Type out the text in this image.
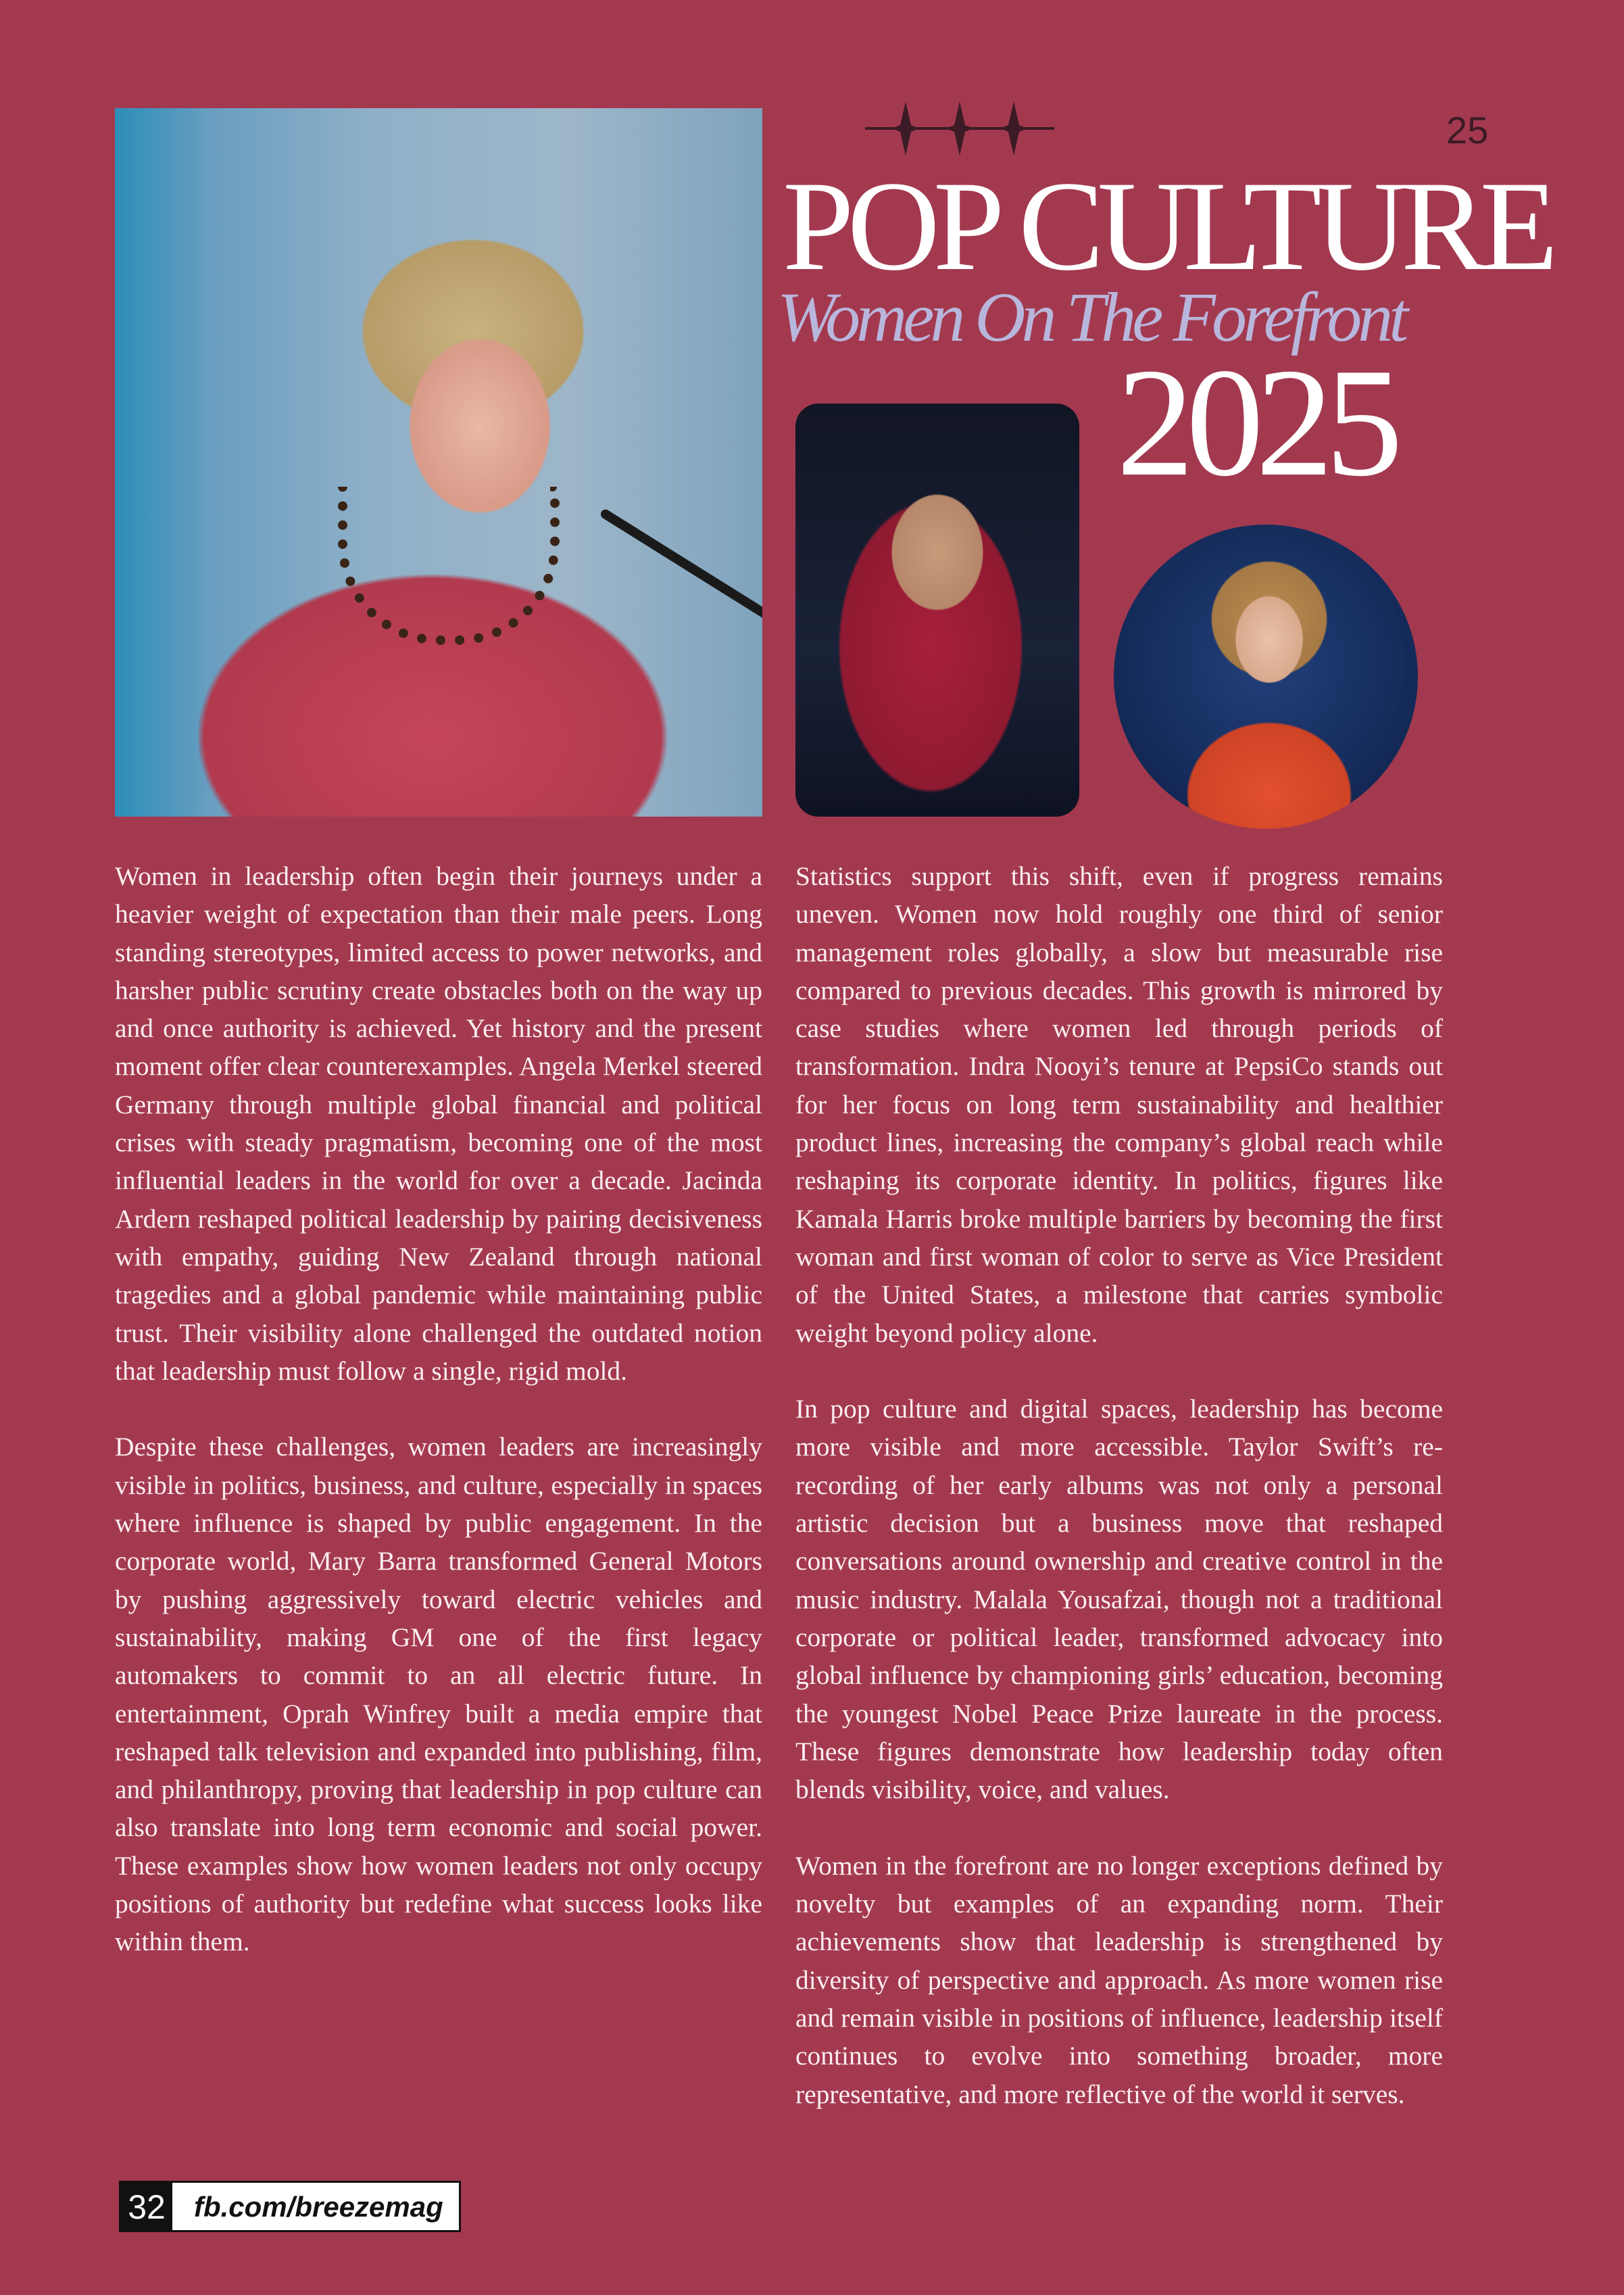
25
POP CULTURE
Women On The Forefront
2025

Women in leadership often begin their journeys under a heavier weight of expectation than their male peers. Long standing stereotypes, limited access to power networks, and harsher public scrutiny create obstacles both on the way up and once authority is achieved. Yet history and the present moment offer clear counterexamples. Angela Merkel steered Germany through multiple global financial and political crises with steady pragmatism, becoming one of the most influential leaders in the world for over a decade. Jacinda Ardern reshaped political leadership by pairing decisiveness with empathy, guiding New Zealand through national tragedies and a global pandemic while maintaining public trust. Their visibility alone challenged the outdated notion that leadership must follow a single, rigid mold.

Despite these challenges, women leaders are increasingly visible in politics, business, and culture, especially in spaces where influence is shaped by public engagement. In the corporate world, Mary Barra transformed General Motors by pushing aggressively toward electric vehicles and sustainability, making GM one of the first legacy automakers to commit to an all electric future. In entertainment, Oprah Winfrey built a media empire that reshaped talk television and expanded into publishing, film, and philanthropy, proving that leadership in pop culture can also translate into long term economic and social power. These examples show how women leaders not only occupy positions of authority but redefine what success looks like within them.

Statistics support this shift, even if progress remains uneven. Women now hold roughly one third of senior management roles globally, a slow but measurable rise compared to previous decades. This growth is mirrored by case studies where women led through periods of transformation. Indra Nooyi’s tenure at PepsiCo stands out for her focus on long term sustainability and healthier product lines, increasing the company’s global reach while reshaping its corporate identity. In politics, figures like Kamala Harris broke multiple barriers by becoming the first woman and first woman of color to serve as Vice President of the United States, a milestone that carries symbolic weight beyond policy alone.

In pop culture and digital spaces, leadership has become more visible and more accessible. Taylor Swift’s re-recording of her early albums was not only a personal artistic decision but a business move that reshaped conversations around ownership and creative control in the music industry. Malala Yousafzai, though not a traditional corporate or political leader, transformed advocacy into global influence by championing girls’ education, becoming the youngest Nobel Peace Prize laureate in the process. These figures demonstrate how leadership today often blends visibility, voice, and values.

Women in the forefront are no longer exceptions defined by novelty but examples of an expanding norm. Their achievements show that leadership is strengthened by diversity of perspective and approach. As more women rise and remain visible in positions of influence, leadership itself continues to evolve into something broader, more representative, and more reflective of the world it serves.

32	fb.com/breezemag
